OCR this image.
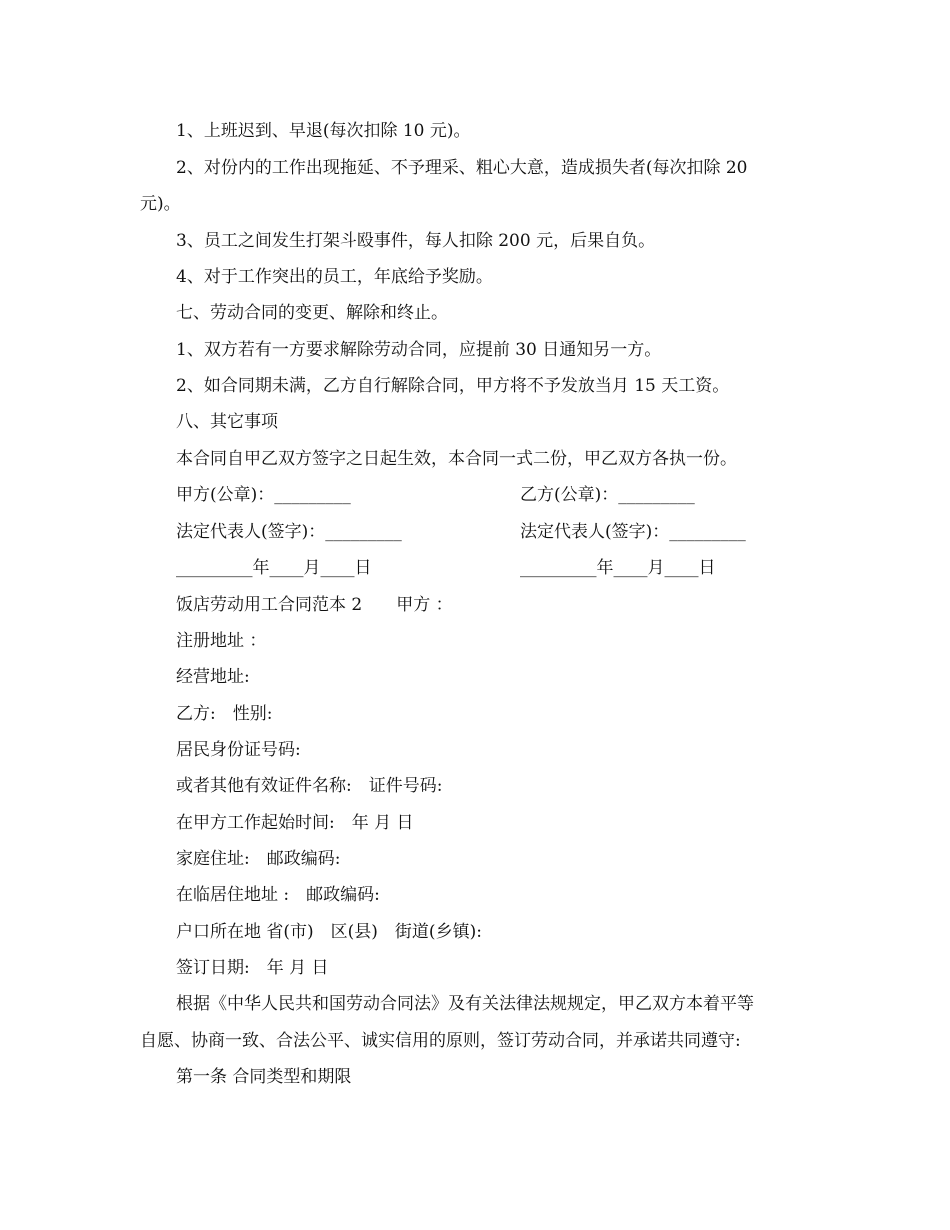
1、上班迟到、早退(每次扣除 10 元)。
2、对份内的工作出现拖延、不予理采、粗心大意，造成损失者(每次扣除 20
元)。
3、员工之间发生打架斗殴事件，每人扣除 200 元，后果自负。
4、对于工作突出的员工，年底给予奖励。
七、劳动合同的变更、解除和终止。
1、双方若有一方要求解除劳动合同，应提前 30 日通知另一方。
2、如合同期未满，乙方自行解除合同，甲方将不予发放当月 15 天工资。
八、其它事项
本合同自甲乙双方签字之日起生效，本合同一式二份，甲乙双方各执一份。
甲方(公章)：_________	乙方(公章)：_________
法定代表人(签字)：_________	法定代表人(签字)：_________
_________年____月____日	_________年____月____日
饭店劳动用工合同范本 2　　甲方 ：
注册地址 ：
经营地址:
乙方:　性别:
居民身份证号码:
或者其他有效证件名称:　证件号码:
在甲方工作起始时间:　年 月 日
家庭住址:　邮政编码:
在临居住地址 :　邮政编码:
户口所在地 省(市)　区(县)　街道(乡镇):
签订日期:　年 月 日
根据《中华人民共和国劳动合同法》及有关法律法规规定，甲乙双方本着平等
自愿、协商一致、合法公平、诚实信用的原则，签订劳动合同，并承诺共同遵守:
第一条 合同类型和期限
